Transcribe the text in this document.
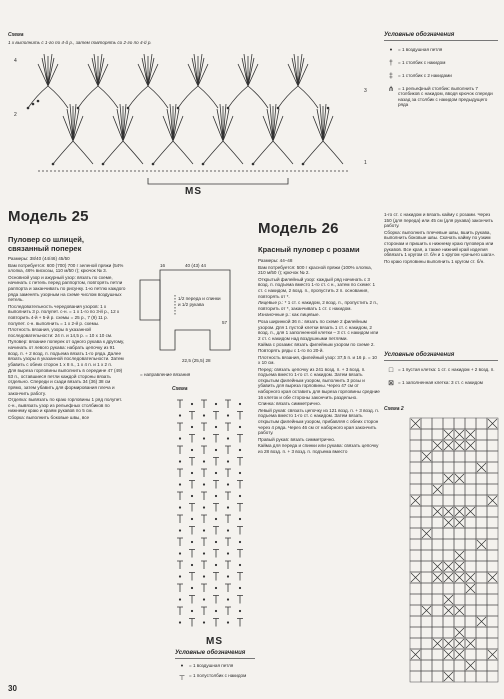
Схема
1 х выполнить с 1-го по 4-й р., затем повторять со 2-го по 4-й р.
4
2
3
1
MS
Условные обозначения
•	= 1 воздушная петля
†	= 1 столбик с накидом
‡	= 1 столбик с 2 накидами
⋔ = 1 рельефный столбик: выполнить 7 столбиков с накидом, вводя крючок спереди назад за столбик с накидом предыдущего ряда
Модель 25
Пуловер со шлицей, связанный поперек

Размеры: 38/40 (44/46) 45/50

Вам потребуется: 600 (700) 700 г зеленой пряжи (54% хлопка, 46% вискозы, 110 м/50 г); крючок № 3.

Основной узор и ажурный узор: вязать по схеме, начинать с петель перед раппортом, повторять петли раппорта и заканчивать по рисунку. 1-ю петлю каждого ряда заменять узорным на схеме числом воздушных петель.

Последовательность чередования узоров: 1 х выполнить 3 р. полупет. с-н. = 1 х 1-го по 3-й р., 12 х повторить 4-й + 5-й р. схемы = 25 р., 7 (9) 11 р. полупет. с-н. выполнить = 1 х 2-й р. схемы.

Плотность вязания, узоры в указанной последовательности: 24 п. и 14,5 р. = 10 х 10 см.

Пуловер: вязание поперек от одного рукава к другому, начинать от левого рукава: набрать цепочку из 91 возд. п. + 2 возд. п. подъема вязать 1-го ряда. Далее вязать узоры в указанной последовательности. Затем убавить с обеих сторон 1 х 8 п., 1 х 4 п. и 1 х 2 п.

Для выреза горловины выполнить в середине 47 (49) 53 п., оставшиеся петли каждой стороны вязать отдельно. Спереди и сзади вязать 34 (36) 38 см прямо, затем убавить для формирования плеча и закончить работу.

Отделка: вывязать по краю горловины 1 ряд полупет. с-н., вывязать узор из рельефных столбиков по нижнему краю и краям рукавов по 5 см.

Сборка: выполнить боковые швы, все

1/2 переда и спинки и 1/2 рукава
40 (43) 44
22,5 (25,5) 28
57
16
= направление вязания
Схема
MS
Условные обозначения
•	= 1 воздушная петля
┬ = 1 полустолбик с накидом
Модель 26
Красный пуловер с розами

Размеры: 44–48

Вам потребуется: 500 г красной пряжи (100% хлопка, 210 м/50 г); крючок № 2.

Открытый филейный узор: каждый ряд начинать с 3 возд. п. подъема вместо 1-го ст. с н., затем по схеме: 1 ст. с накидом, 2 возд. п., пропустить 2 п. основания, повторять от *.

Лицевые р.: * 1 ст. с накидом, 2 возд. п., пропустить 2 п., повторить от *, заканчивать 1 ст. с накидом.

Изнаночные р.: как лицевые.

Роза ширинкой 36 п.: вязать по схеме 2 филейным узором. Для 1 пустой клетки вязать 1 ст. с накидом, 2 возд. п., для 1 заполненной клетки – 3 ст. с накидом или 2 ст. с накидом над воздушными петлями.

Кайма с розами: вязать филейным узором по схеме 2. Повторять ряды с 1-го по 20-й.

Плотность вязания, филейный узор: 37,5 п. и 16 р. = 10 х 10 см.

Перед: связать цепочку из 241 возд. п. + 3 возд. п. подъема вместо 1-го ст. с накидом. Затем вязать открытым филейным узором, выполнить 3 розы и убавить для выреза горловины. Через 47 см от наборного края оставить для выреза горловины средние 16 клеток и обе стороны закончить раздельно.

Спинка: вязать симметрично.

Левый рукав: связать цепочку из 121 возд. п. + 3 возд. п. подъема вместо 1-го ст. с накидом. Затем вязать открытым филейным узором, прибавляя с обеих сторон через 4 ряда. Через 46 см от наборного края закончить работу.

Правый рукав: вязать симметрично.

Кайма для переда и спинки или рукава: связать цепочку из 28 возд. п. + 3 возд. п. подъема вместо

1-го ст. с накидом и вязать кайму с розами. Через 150 (для переда) или 45 см (для рукава) закончить работу.

Сборка: выполнить плечевые швы, вшить рукава, выполнить боковые швы. Скачать кайму по узким сторонам и пришить к нижнему краю пуловера или рукавов. Все края, а также нижний край изделия обвязать 1 кругом ст. б/н и 1 кругом «рачьего шага».

По краю горловины выполнить 1 кругом ст. б/н.

Условные обозначения
□	= 1 пустая клетка: 1 ст. с накидом + 2 возд. п.
⊠ = 1 заполненная клетка: 3 ст. с накидом
Схема 2
30
